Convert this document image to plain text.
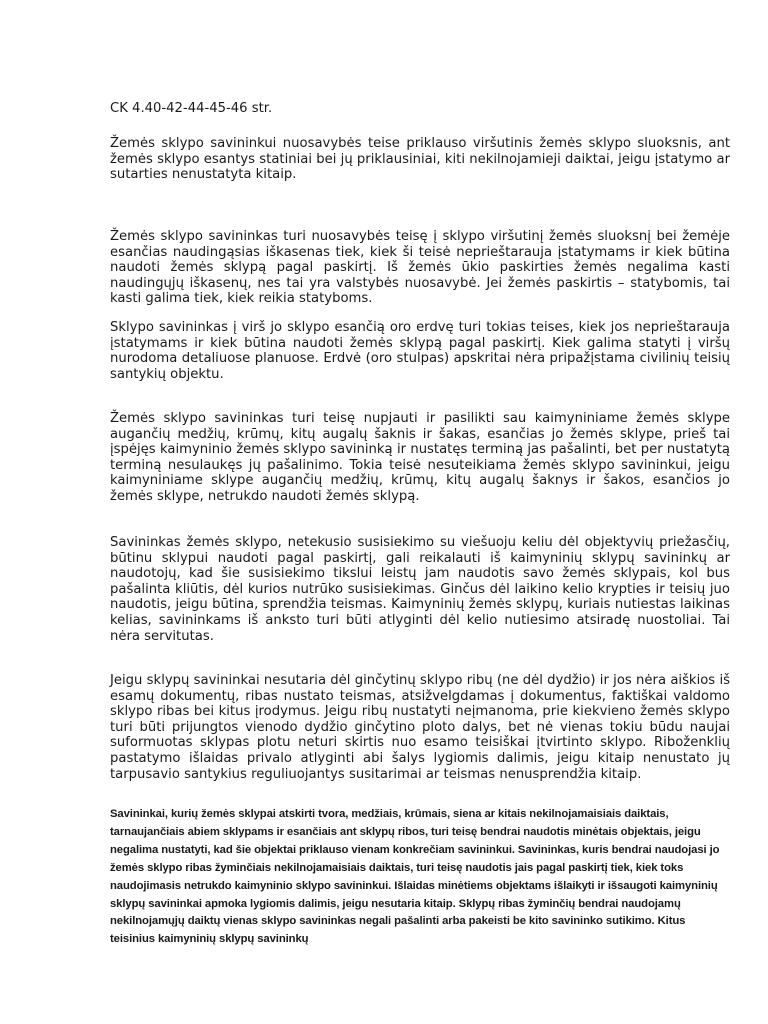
CK 4.40-42-44-45-46 str.

Žemės sklypo savininkui nuosavybės teise priklauso viršutinis žemės sklypo sluoksnis, ant žemės sklypo esantys statiniai bei jų priklausiniai, kiti nekilnojamieji daiktai, jeigu įstatymo ar sutarties nenustatyta kitaip.

Žemės sklypo savininkas turi nuosavybės teisę į sklypo viršutinį žemės sluoksnį bei žemėje esančias naudingąsias iškasenas tiek, kiek ši teisė neprieštarauja įstatymams ir kiek būtina naudoti žemės sklypą pagal paskirtį. Iš žemės ūkio paskirties žemės negalima kasti naudingųjų iškasenų, nes tai yra valstybės nuosavybė. Jei žemės paskirtis – statybomis, tai kasti galima tiek, kiek reikia statyboms.

Sklypo savininkas į virš jo sklypo esančią oro erdvę turi tokias teises, kiek jos neprieštarauja įstatymams ir kiek būtina naudoti žemės sklypą pagal paskirtį. Kiek galima statyti į viršų nurodoma detaliuose planuose. Erdvė (oro stulpas) apskritai nėra pripažįstama civilinių teisių santykių objektu.

Žemės sklypo savininkas turi teisę nupjauti ir pasilikti sau kaimyniniame žemės sklype augančių medžių, krūmų, kitų augalų šaknis ir šakas, esančias jo žemės sklype, prieš tai įspėjęs kaimyninio žemės sklypo savininką ir nustatęs terminą jas pašalinti, bet per nustatytą terminą nesulaukęs jų pašalinimo. Tokia teisė nesuteikiama žemės sklypo savininkui, jeigu kaimyniniame sklype augančių medžių, krūmų, kitų augalų šaknys ir šakos, esančios jo žemės sklype, netrukdo naudoti žemės sklypą.

Savininkas žemės sklypo, netekusio susisiekimo su viešuoju keliu dėl objektyvių priežasčių, būtinu sklypui naudoti pagal paskirtį, gali reikalauti iš kaimyninių sklypų savininkų ar naudotojų, kad šie susisiekimo tikslui leistų jam naudotis savo žemės sklypais, kol bus pašalinta kliūtis, dėl kurios nutrūko susisiekimas. Ginčus dėl laikino kelio krypties ir teisių juo naudotis, jeigu būtina, sprendžia teismas. Kaimyninių žemės sklypų, kuriais nutiestas laikinas kelias, savininkams iš anksto turi būti atlyginti dėl kelio nutiesimo atsiradę nuostoliai. Tai nėra servitutas.

Jeigu sklypų savininkai nesutaria dėl ginčytinų sklypo ribų (ne dėl dydžio) ir jos nėra aiškios iš esamų dokumentų, ribas nustato teismas, atsižvelgdamas į dokumentus, faktiškai valdomo sklypo ribas bei kitus įrodymus. Jeigu ribų nustatyti neįmanoma, prie kiekvieno žemės sklypo turi būti prijungtos vienodo dydžio ginčytino ploto dalys, bet nė vienas tokiu būdu naujai suformuotas sklypas plotu neturi skirtis nuo esamo teisiškai įtvirtinto sklypo. Riboženklių pastatymo išlaidas privalo atlyginti abi šalys lygiomis dalimis, jeigu kitaip nenustato jų tarpusavio santykius reguliuojantys susitarimai ar teismas nenusprendžia kitaip.

Savininkai, kurių žemės sklypai atskirti tvora, medžiais, krūmais, siena ar kitais nekilnojamaisiais daiktais, tarnaujančiais abiem sklypams ir esančiais ant sklypų ribos, turi teisę bendrai naudotis minėtais objektais, jeigu negalima nustatyti, kad šie objektai priklauso vienam konkrečiam savininkui. Savininkas, kuris bendrai naudojasi jo žemės sklypo ribas žyminčiais nekilnojamaisiais daiktais, turi teisę naudotis jais pagal paskirtį tiek, kiek toks naudojimasis netrukdo kaimyninio sklypo savininkui. Išlaidas minėtiems objektams išlaikyti ir išsaugoti kaimyninių sklypų savininkai apmoka lygiomis dalimis, jeigu nesutaria kitaip. Sklypų ribas žyminčių bendrai naudojamų nekilnojamųjų daiktų vienas sklypo savininkas negali pašalinti arba pakeisti be kito savininko sutikimo. Kitus teisinius kaimyninių sklypų savininkų
